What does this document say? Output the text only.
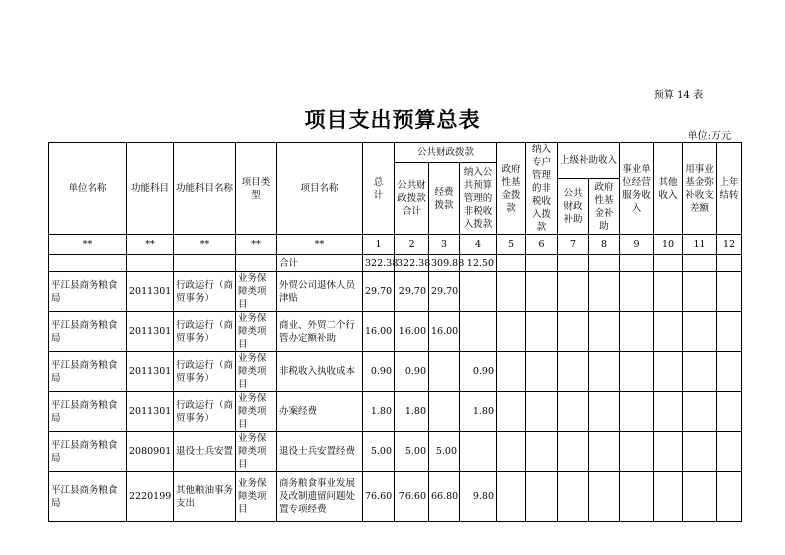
预算 14 表
项目支出预算总表
单位:万元
单位名称	功能科目	功能科目名称	项目类型	项目名称	总　计	公共财政拨款			政府性基金拨款	纳入专户管理的非税收入拨款	上级补助收入		事业单位经营服务收入	其他收入	用事业基金弥补收支差额	上年结转
						公共财政拨款合计	经费拨款	纳入公共预算管理的非税收入拨款								
											公共财政补助	政府性基金补助				
**	**	**	**	**	1	2	3	4	5	6	7	8	9	10	11	12
				合计	322.38	322.38	309.88	12.50								
平江县商务粮食局	2011301	行政运行（商贸事务）	业务保障类项目	外贸公司退休人员津贴	29.70	29.70	29.70									
平江县商务粮食局	2011301	行政运行（商贸事务）	业务保障类项目	商业、外贸二个行管办定额补助	16.00	16.00	16.00									
平江县商务粮食局	2011301	行政运行（商贸事务）	业务保障类项目	非税收入执收成本	0.90	0.90		0.90								
平江县商务粮食局	2011301	行政运行（商贸事务）	业务保障类项目	办案经费	1.80	1.80		1.80								
平江县商务粮食局	2080901	退役士兵安置	业务保障类项目	退役士兵安置经费	5.00	5.00	5.00									
平江县商务粮食局	2220199	其他粮油事务支出	业务保障类项目	商务粮食事业发展及改制遗留问题处置专项经费	76.60	76.60	66.80	9.80								
